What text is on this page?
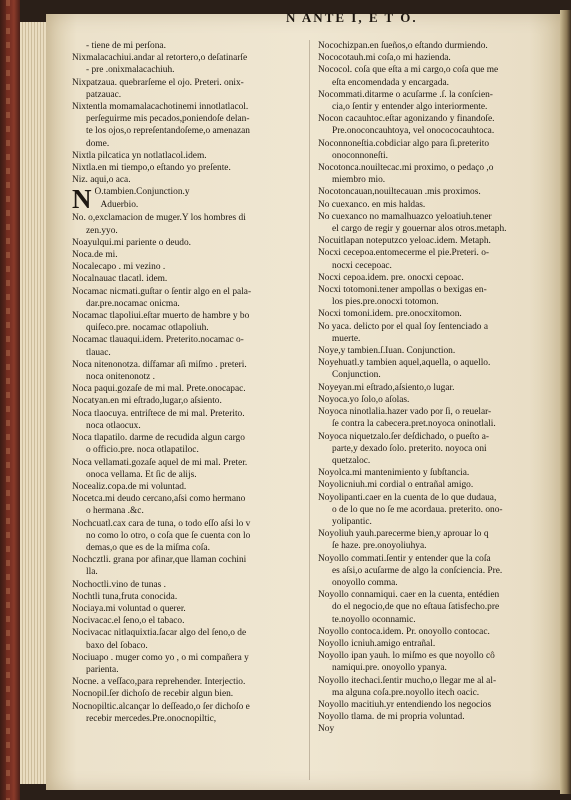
N ANTE I, E T O.
- tiene de mi perſona.
Nixmalacachiui.andar al retortero,o deſatinarſe
- pre .onixmalacachiuh.
Nixpatzaua. quebrarſeme el ojo. Preteri. onix-
patzauac.
Nixtentla momamalacachotinemi innotlatlacol.
perſeguirme mis pecados,poniendoſe delan-
te los ojos,o repreſentandoſeme,o amenazan
dome.
Nixtla pilcatica yn notlatlacol.idem.
Nixtla.en mi tiempo,o eſtando yo preſente.
Niz. aqui,o aca.
N O.tambien.Conjunction.y
Aduerbio.
No. o,exclamacion de muger.Y los hombres di
zen.yyo.
Noayulqui.mi pariente o deudo.
Noca.de mi.
Nocalecapo . mi vezino .
Nocalnauac tlacatl. idem.
Nocamac nicmati.guſtar o ſentir algo en el pala-
dar.pre.nocamac onicma.
Nocamac tlapoliui.eſtar muerto de hambre y bo
quiſeco.pre. nocamac otlapoliuh.
Nocamac tlauaqui.idem. Preterito.nocamac o-
tlauac.
Noca nitenonotza. diſfamar aſi miſmo . preteri.
noca onitenonotz .
Noca paqui.gozaſe de mi mal. Prete.onocapac.
Nocatyan.en mi eſtrado,lugar,o aſsiento.
Noca tlaocuya. entriſtece de mi mal. Preterito.
noca otlaocux.
Noca tlapatilo. darme de recudida algun cargo
o officio.pre. noca otlapatiloc.
Noca vellamati.gozaſe aquel de mi mal. Preter.
onoca vellama. Et ſic de alijs.
Nocealiz.copa.de mi voluntad.
Nocetca.mi deudo cercano,aſsi como hermano
o hermana .&c.
Nochcuatl.cax cara de tuna, o todo eſſo aſsi lo v
no como lo otro, o coſa que ſe cuenta con lo
demas,o que es de la miſma coſa.
Nochcztli. grana por afinar,que llaman cochini
lla.
Nochoctli.vino de tunas .
Nochtli tuna,fruta conocida.
Nociaya.mi voluntad o querer.
Nocivacac.el ſeno,o el tabaco.
Nocivacac nitlaquixtia.ſacar algo del ſeno,o de
baxo del ſobaco.
Nociuapo . muger como yo , o mi compañera y
parienta.
Nocne. a veſſaco,para reprehender. Interjectio.
Nocnopil.ſer dichoſo de recebir algun bien.
Nocnopiltic.alcançar lo deſſeado,o ſer dichoſo e
recebir mercedes.Pre.onocnopiltic,
Nocochizpan.en ſueños,o eſtando durmiendo.
Nococotauh.mi coſa,o mi hazienda.
Nococol. coſa que eſta a mi cargo,o coſa que me
eſta encomendada y encargada.
Nocommati.ditarme o acuſarme .ſ. la conſcien-
cia,o ſentir y entender algo interiormente.
Nocon cacauhtoc.eſtar agonizando y finandoſe.
Pre.onoconcauhtoya, vel onocococauhtoca.
Noconnoneſtia.cobdiciar algo para ſi.preterito
onoconnoneſti.
Nocotonca.nouiltecac.mi proximo, o pedaço ,o
miembro mio.
Nocotoncauan,nouiltecauan .mis proximos.
No cuexanco. en mis haldas.
No cuexanco no mamalhuazco yeloatiuh.tener
el cargo de regir y gouernar alos otros.metaph.
Nocuitlapan noteputzco yeloac.idem. Metaph.
Nocxi cecepoa.entomecerme el pie.Preteri. o-
nocxi cecepoac.
Nocxi cepoa.idem. pre. onocxi cepoac.
Nocxi totomoni.tener ampollas o bexigas en-
los pies.pre.onocxi totomon.
Nocxi tomoni.idem. pre.onocxitomon.
No yaca. delicto por el qual ſoy ſentenciado a
muerte.
Noye,y tambien.ſ.Iuan. Conjunction.
Noyehuatl.y tambien aquel,aquella, o aquello.
Conjunction.
Noyeyan.mi eſtrado,aſsiento,o lugar.
Noyoca.yo ſolo,o aſolas.
Noyoca ninotlalia.hazer vado por ſi, o reuelar-
ſe contra la cabecera.pret.noyoca oninotlali.
Noyoca niquetzalo.ſer deſdichado, o pueſto a-
parte,y dexado ſolo. preterito. noyoca oni
quetzaloc.
Noyolca.mi mantenimiento y ſubſtancia.
Noyolicniuh.mi cordial o entrañal amigo.
Noyolipanti.caer en la cuenta de lo que dudaua,
o de lo que no ſe me acordaua. preterito. ono-
yolipantic.
Noyoliuh yauh.parecerme bien,y aprouar lo q
ſe haze. pre.onoyoliuhya.
Noyollo commati.ſentir y entender que la coſa
es aſsi,o acuſarme de algo la conſciencia. Pre.
onoyollo comma.
Noyollo connamiqui. caer en la cuenta, entédien
do el negocio,de que no eſtaua ſatisfecho.pre
te.noyollo oconnamic.
Noyollo contoca.idem. Pr. onoyollo contocac.
Noyollo icniuh.amigo entrañal.
Noyollo ipan yauh. lo miſmo es que noyollo cô
namiqui.pre. onoyollo ypanya.
Noyollo itechaci.ſentir mucho,o llegar me al al-
ma alguna coſa.pre.noyollo itech oacic.
Noyollo macitiuh.yr entendiendo los negocios
Noyollo tlama. de mi propria voluntad.
Noy
